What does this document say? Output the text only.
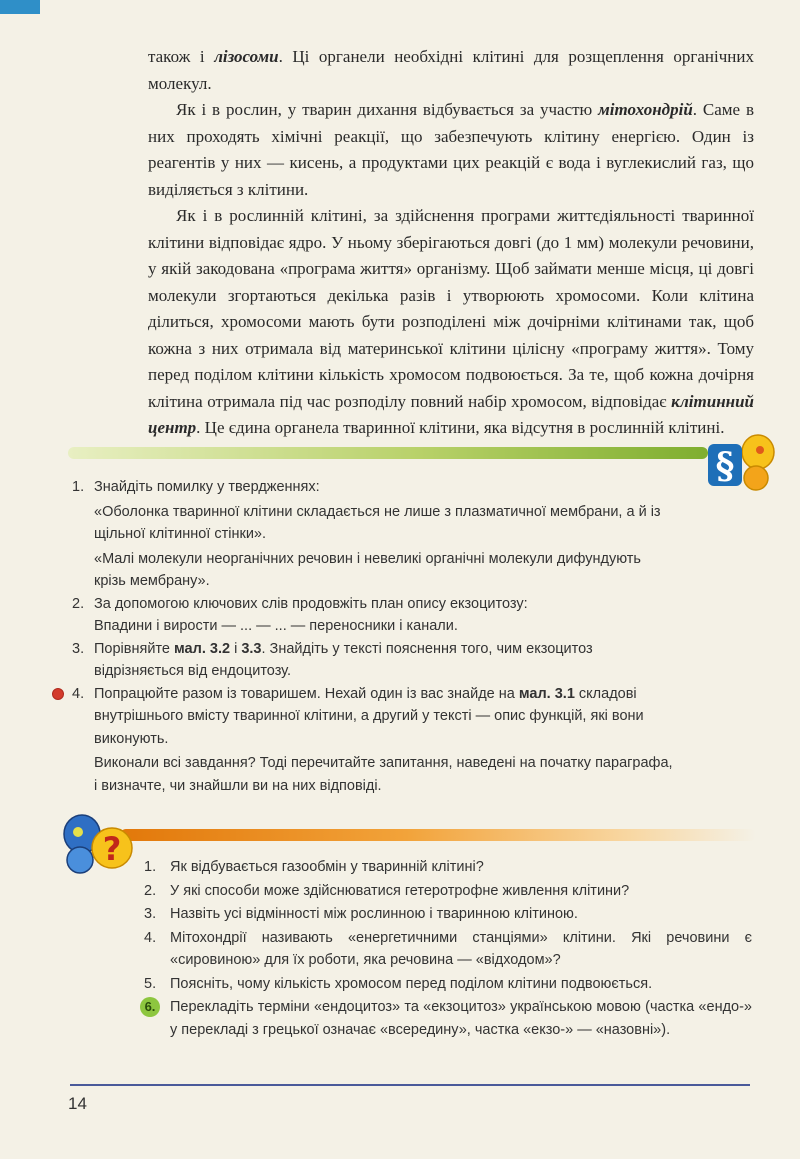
також і лізосоми. Ці органели необхідні клітині для розщеплення органічних молекул.

Як і в рослин, у тварин дихання відбувається за участю мітохондрій. Саме в них проходять хімічні реакції, що забезпечують клітину енергією. Один із реагентів у них — кисень, а продуктами цих реакцій є вода і вуглекислий газ, що виділяється з клітини.

Як і в рослинній клітині, за здійснення програми життєдіяльності тваринної клітини відповідає ядро. У ньому зберігаються довгі (до 1 мм) молекули речовини, у якій закодована «програма життя» організму. Щоб займати менше місця, ці довгі молекули згортаються декілька разів і утворюють хромосоми. Коли клітина ділиться, хромосоми мають бути розподілені між дочірніми клітинами так, щоб кожна з них отримала від материнської клітини цілісну «програму життя». Тому перед поділом клітини кількість хромосом подвоюється. За те, щоб кожна дочірня клітина отримала під час розподілу повний набір хромосом, відповідає клітинний центр. Це єдина органела тваринної клітини, яка відсутня в рослинній клітині.

§
1. Знайдіть помилку у твердженнях:

«Оболонка тваринної клітини складається не лише з плазматичної мембрани, а й із щільної клітинної стінки».

«Малі молекули неорганічних речовин і невеликі органічні молекули дифундують крізь мембрану».

2. За допомогою ключових слів продовжіть план опису екзоцитозу:

Впадини і вирости — ... — ... — переносники і канали.

3. Порівняйте мал. 3.2 і 3.3. Знайдіть у тексті пояснення того, чим екзоцитоз відрізняється від ендоцитозу.

4. Попрацюйте разом із товаришем. Нехай один із вас знайде на мал. 3.1 складові внутрішнього вмісту тваринної клітини, а другий у тексті — опис функцій, які вони виконують.

Виконали всі завдання? Тоді перечитайте запитання, наведені на початку параграфа, і визначте, чи знайшли ви на них відповіді.

? 1. Як відбувається газообмін у тваринній клітині?
2. У які способи може здійснюватися гетеротрофне живлення клітини?
3. Назвіть усі відмінності між рослинною і тваринною клітиною.
4. Мітохондрії називають «енергетичними станціями» клітини. Які речовини є «сировиною» для їх роботи, яка речовина — «відходом»?
5. Поясніть, чому кількість хромосом перед поділом клітини подвоюється.
6.	Перекладіть терміни «ендоцитоз» та «екзоцитоз» українською мовою (частка «ендо-» у перекладі з грецької означає «всередину», частка «екзо-» — «назовні»).
14
